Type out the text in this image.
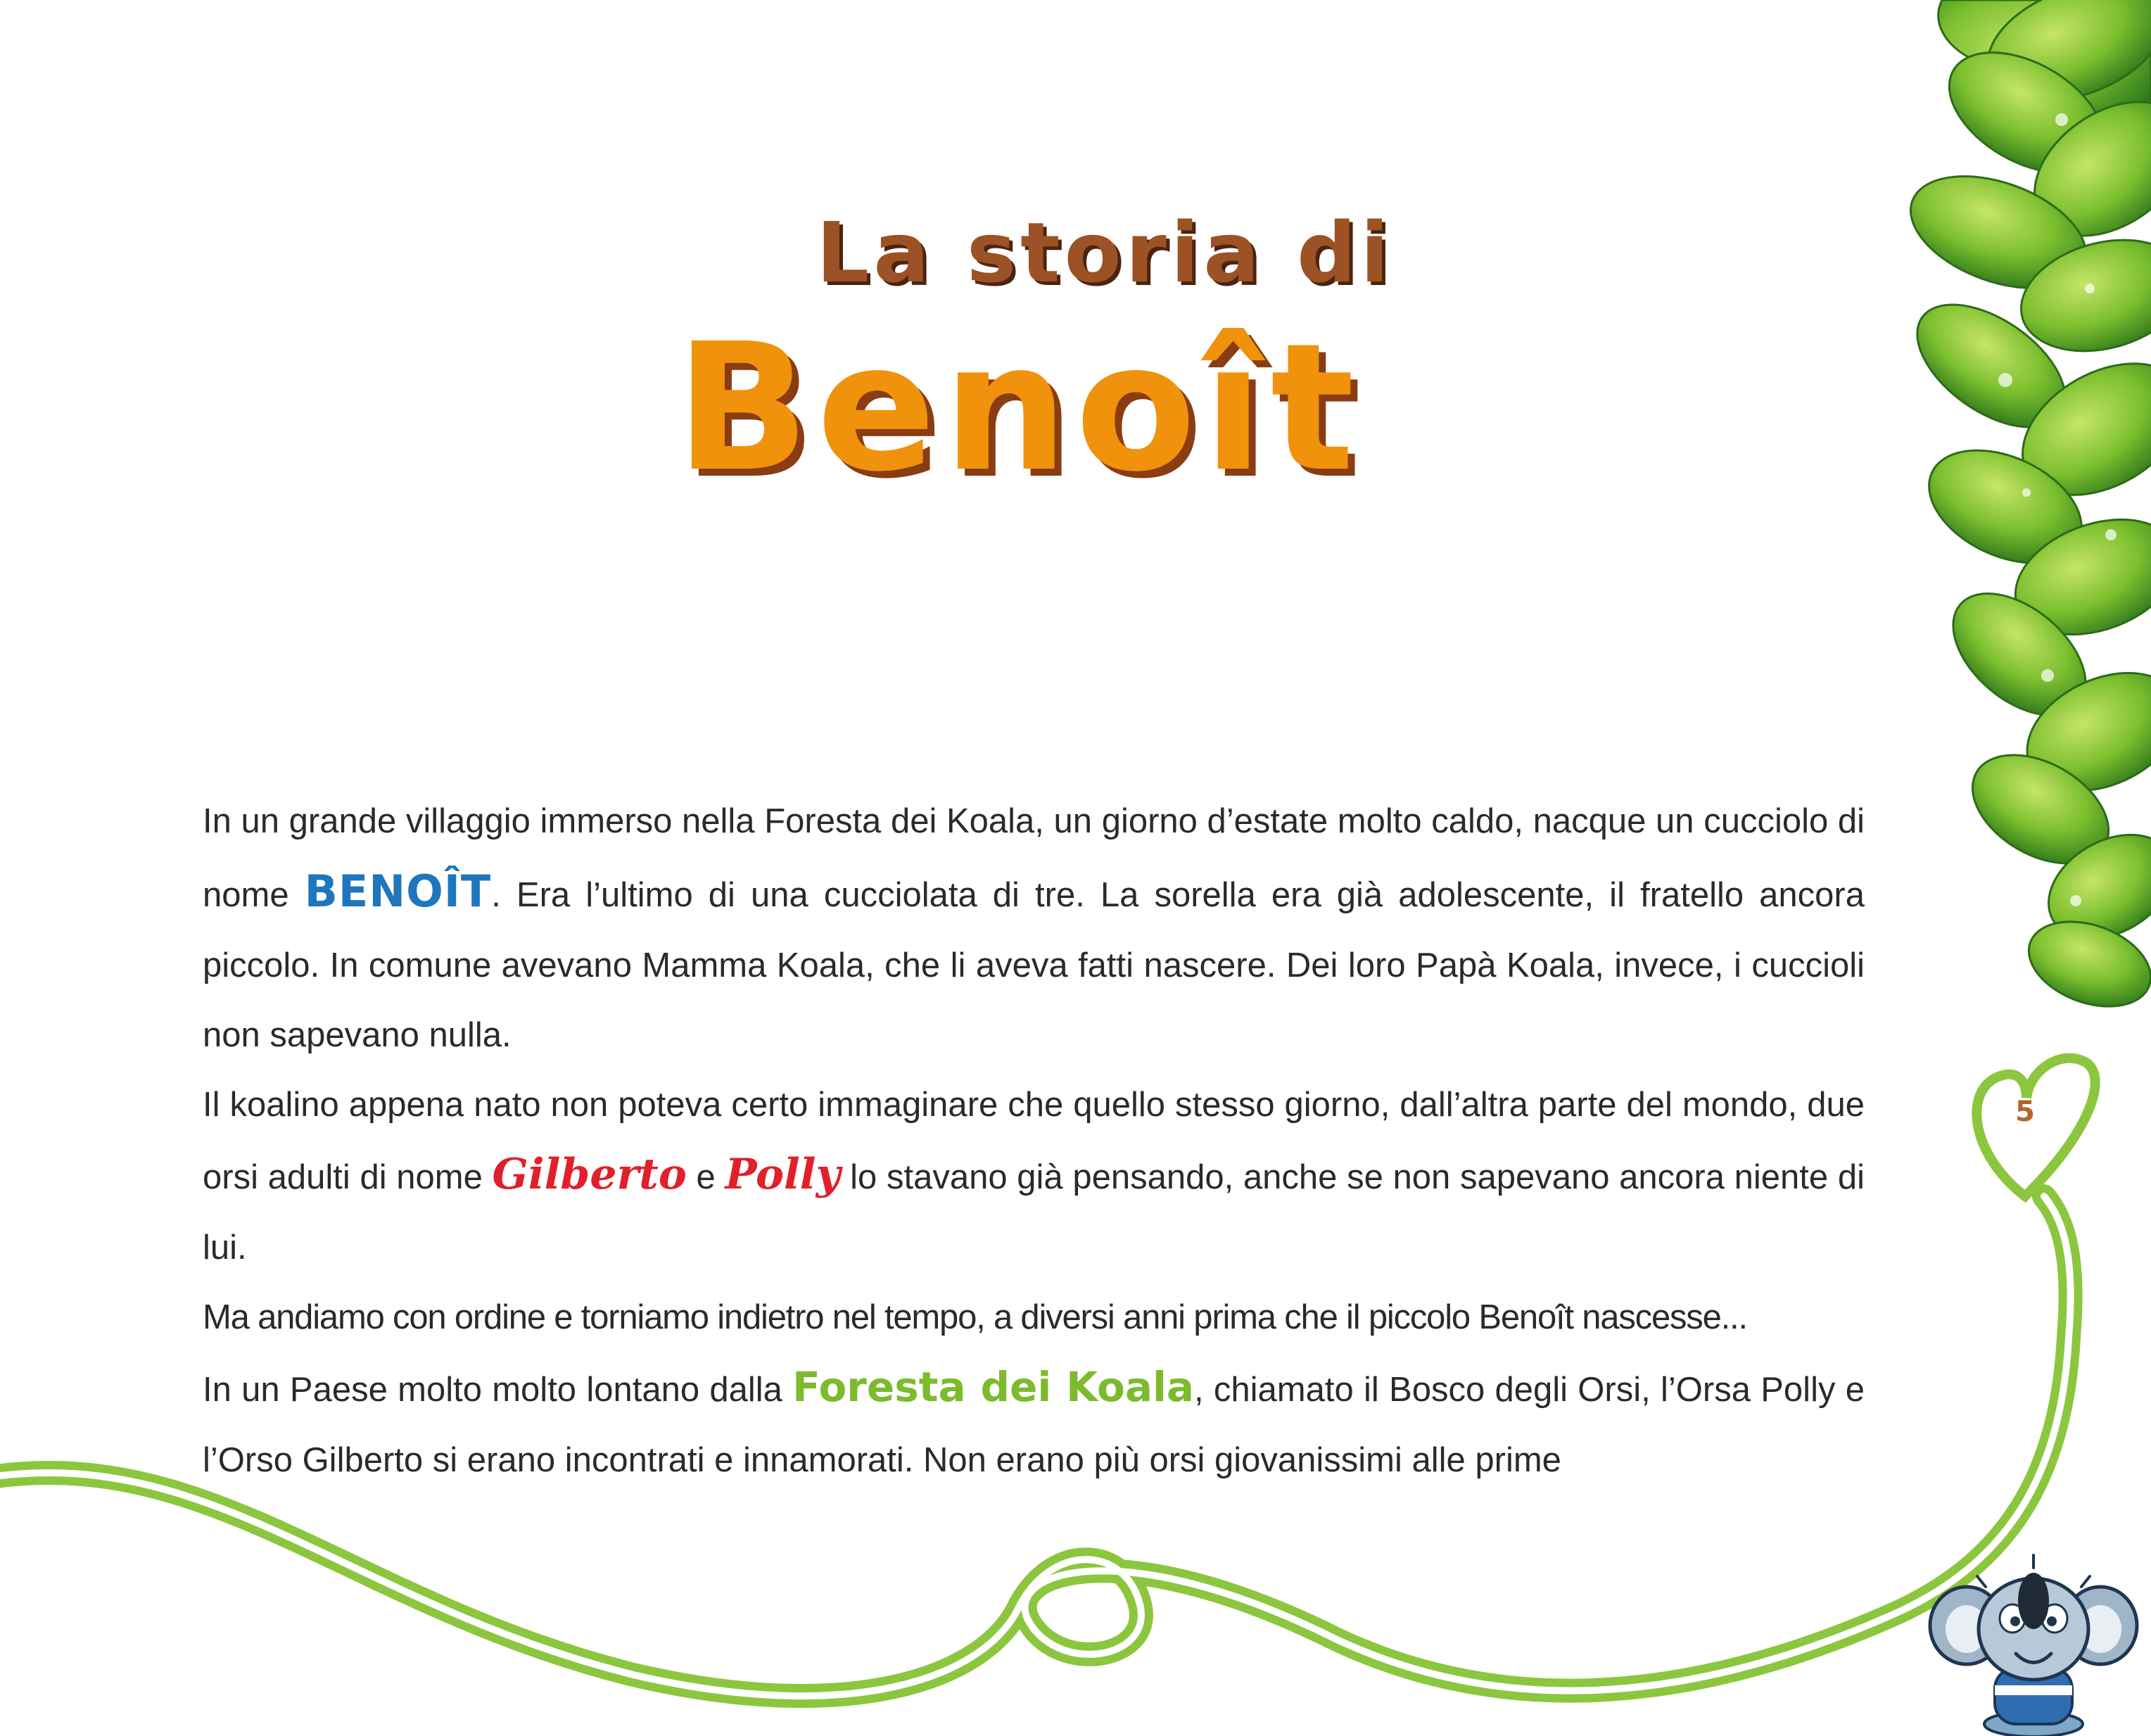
La storia di
Benoît

In un grande villaggio immerso nella Foresta dei Koala, un giorno d’estate molto caldo, nacque un cucciolo di nome BENOÎT. Era l’ultimo di una cucciolata di tre. La sorella era già adolescente, il fratello ancora piccolo. In comune avevano Mamma Koala, che li aveva fatti nascere. Dei loro Papà Koala, invece, i cuccioli non sapevano nulla.

Il koalino appena nato non poteva certo immaginare che quello stesso giorno, dall’altra parte del mondo, due orsi adulti di nome Gilberto e Polly lo stavano già pensando, anche se non sapevano ancora niente di lui.

Ma andiamo con ordine e torniamo indietro nel tempo, a diversi anni prima che il piccolo Benoît nascesse...

In un Paese molto molto lontano dalla Foresta dei Koala, chiamato il Bosco degli Orsi, l’Orsa Polly e l’Orso Gilberto si erano incontrati e innamorati. Non erano più orsi giovanissimi alle prime

5
